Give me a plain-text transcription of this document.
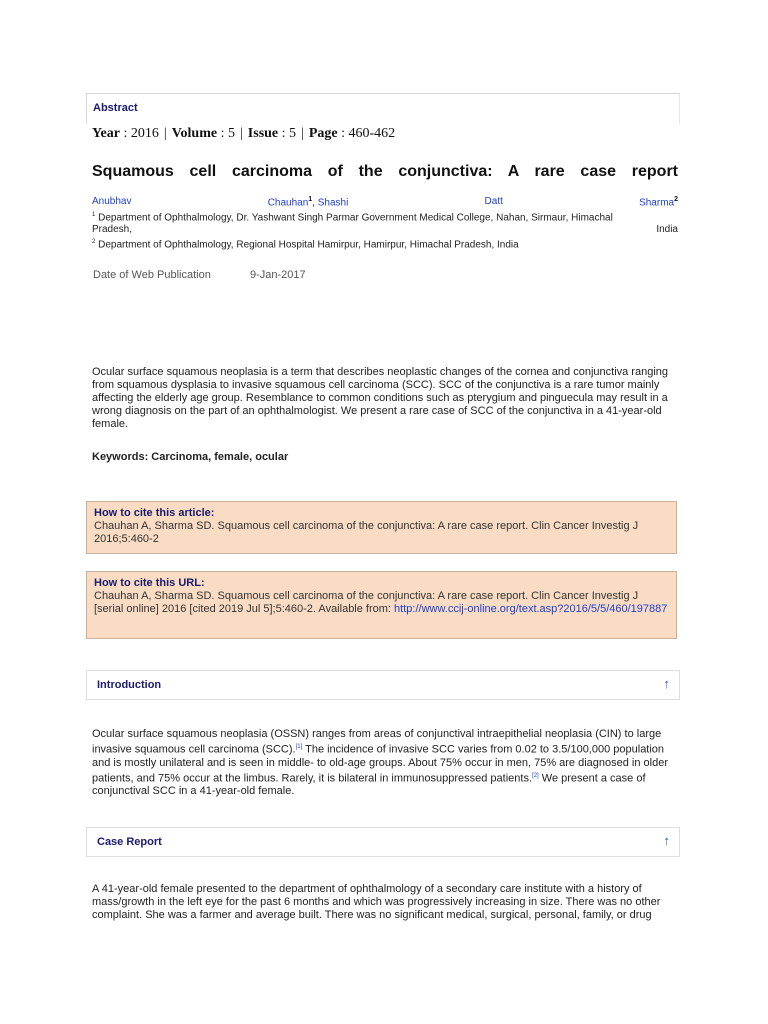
Abstract
Year : 2016 | Volume : 5 | Issue : 5 | Page : 460-462
Squamous cell carcinoma of the conjunctiva: A rare case report
Anubhav	Chauhan$^1$, Shashi	Datt	Sharma$^2$
$^1$ Department of Ophthalmology, Dr. Yashwant Singh Parmar Government Medical College, Nahan, Sirmaur, Himachal
Pradesh,	India
$^2$ Department of Ophthalmology, Regional Hospital Hamirpur, Hamirpur, Himachal Pradesh, India
Date of Web Publication	9-Jan-2017
Ocular surface squamous neoplasia is a term that describes neoplastic changes of the cornea and conjunctiva ranging from squamous dysplasia to invasive squamous cell carcinoma (SCC). SCC of the conjunctiva is a rare tumor mainly affecting the elderly age group. Resemblance to common conditions such as pterygium and pinguecula may result in a wrong diagnosis on the part of an ophthalmologist. We present a rare case of SCC of the conjunctiva in a 41-year-old female.
Keywords: Carcinoma, female, ocular
How to cite this article:
Chauhan A, Sharma SD. Squamous cell carcinoma of the conjunctiva: A rare case report. Clin Cancer Investig J 2016;5:460-2
How to cite this URL:
Chauhan A, Sharma SD. Squamous cell carcinoma of the conjunctiva: A rare case report. Clin Cancer Investig J [serial online] 2016 [cited 2019 Jul 5];5:460-2. Available from: http://www.ccij-online.org/text.asp?2016/5/5/460/197887
Introduction	↑
Ocular surface squamous neoplasia (OSSN) ranges from areas of conjunctival intraepithelial neoplasia (CIN) to large invasive squamous cell carcinoma (SCC).[1] The incidence of invasive SCC varies from 0.02 to 3.5/100,000 population and is mostly unilateral and is seen in middle- to old-age groups. About 75% occur in men, 75% are diagnosed in older patients, and 75% occur at the limbus. Rarely, it is bilateral in immunosuppressed patients.[2] We present a case of conjunctival SCC in a 41-year-old female.
Case Report	↑
A 41-year-old female presented to the department of ophthalmology of a secondary care institute with a history of mass/growth in the left eye for the past 6 months and which was progressively increasing in size. There was no other complaint. She was a farmer and average built. There was no significant medical, surgical, personal, family, or drug
